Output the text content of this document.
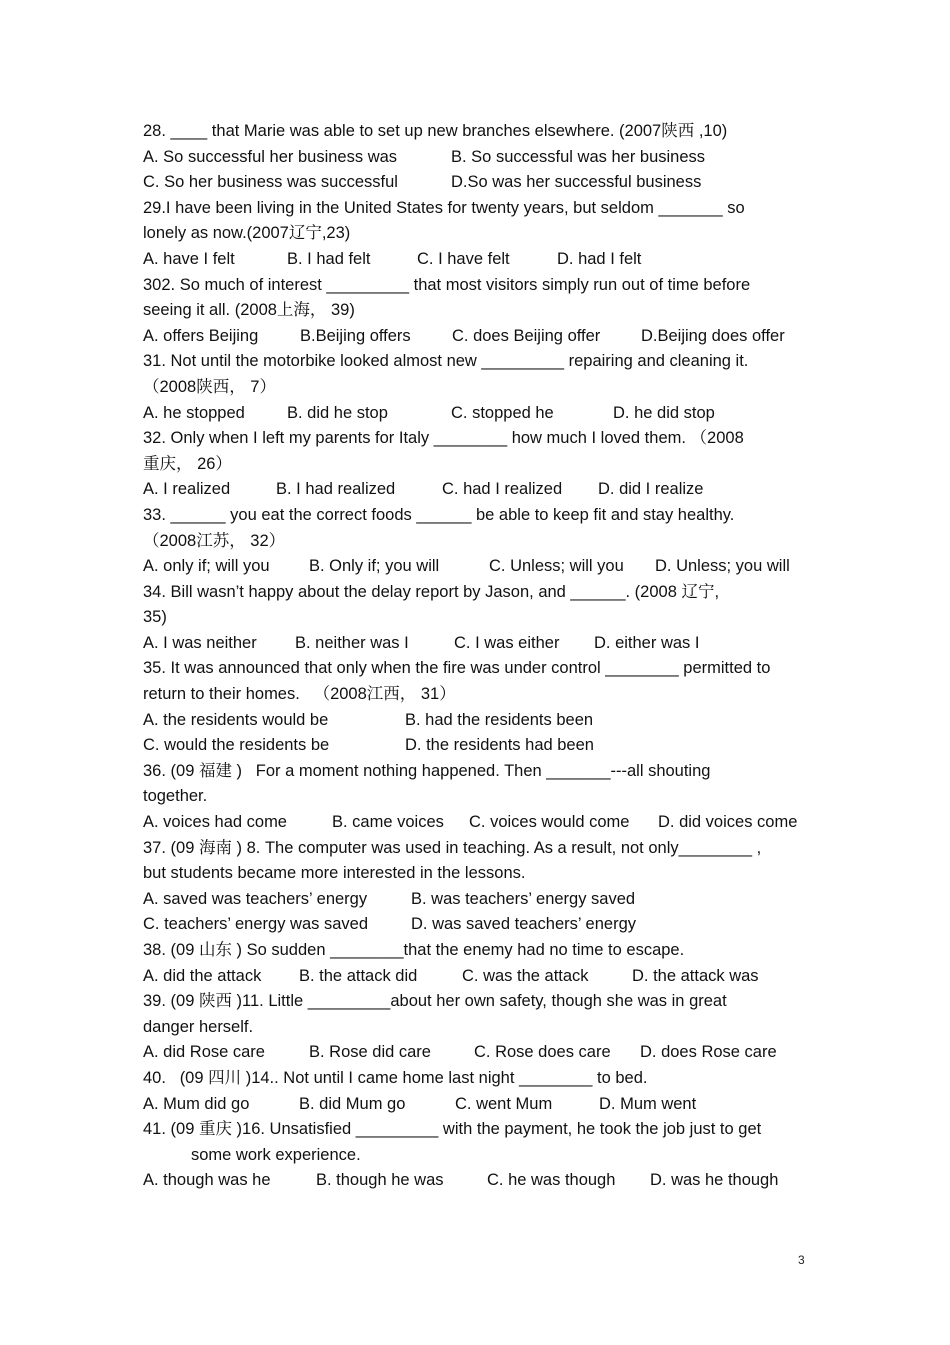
28. ____ that Marie was able to set up new branches elsewhere. (2007陕西 ,10)
A. So successful her business was	B. So successful was her business
C. So her business was successful	D.So was her successful business
29.I have been living in the United States for twenty years, but seldom _______ so
lonely as now.(2007辽宁,23)
A. have I felt	B. I had felt	C. I have felt	D. had I felt
302. So much of interest _________ that most visitors simply run out of time before
seeing it all. (2008上海， 39)
A. offers Beijing	B.Beijing offers	C. does Beijing offer D.Beijing does offer
31. Not until the motorbike looked almost new _________ repairing and cleaning it.
（2008陕西， 7）
A. he stopped	B. did he stop	C. stopped he	D. he did stop
32. Only when I left my parents for Italy ________ how much I loved them. （2008
重庆， 26）
A. I realized	B. I had realized	C. had I realized D. did I realize
33. ______ you eat the correct foods ______ be able to keep fit and stay healthy.
（2008江苏， 32）
A. only if; will you B. Only if; you will	C. Unless; will you D. Unless; you will
34. Bill wasn’t happy about the delay report by Jason, and ______. (2008 辽宁,
35)
A. I was neither B. neither was I	C. I was either D. either was I
35. It was announced that only when the fire was under control ________ permitted to
return to their homes.   （2008江西， 31）
A. the residents would be	B. had the residents been
C. would the residents be	D. the residents had been
36. (09 福建 )   For a moment nothing happened. Then _______---all shouting
together.
A. voices had come	B. came voices C. voices would come D. did voices come
37. (09 海南 ) 8. The computer was used in teaching. As a result, not only________ ,
but students became more interested in the lessons.
A. saved was teachers’ energy	B. was teachers’ energy saved
C. teachers’ energy was saved	D. was saved teachers’ energy
38. (09 山东 ) So sudden ________that the enemy had no time to escape.
A. did the attack B. the attack did	C. was the attack	D. the attack was
39. (09 陕西 )11. Little _________about her own safety, though she was in great
danger herself.
A. did Rose care	B. Rose did care	C. Rose does care D. does Rose care
40.   (09 四川 )14.. Not until I came home last night ________ to bed.
A. Mum did go	B. did Mum go	C. went Mum	D. Mum went
41. (09 重庆 )16. Unsatisfied _________ with the payment, he took the job just to get
some work experience.
A. though was he	B. though he was	C. he was though D. was he though
3
